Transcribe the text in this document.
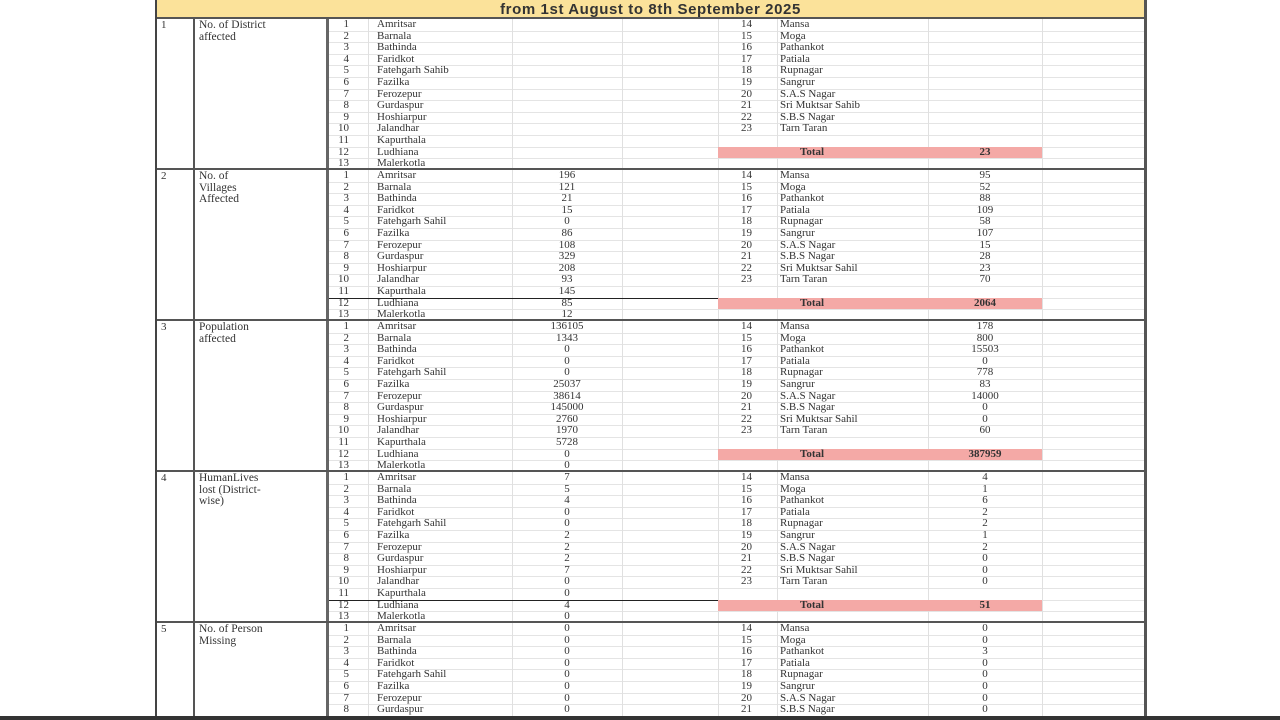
from 1st August to 8th September 2025
1	No. of District
affected
1	Amritsar
2	Barnala
3	Bathinda
4	Faridkot
5	Fatehgarh Sahib
6	Fazilka
7	Ferozepur
8	Gurdaspur
9	Hoshiarpur
10	Jalandhar
11	Kapurthala
12	Ludhiana
13	Malerkotla
14	Mansa
15	Moga
16	Pathankot
17	Patiala
18	Rupnagar
19	Sangrur
20	S.A.S Nagar
21	Sri Muktsar Sahib
22	S.B.S Nagar
23	Tarn Taran
Total	23
2	No. of
Villages
Affected
1	Amritsar	196
2	Barnala	121
3	Bathinda	21
4	Faridkot	15
5	Fatehgarh Sahil	0
6	Fazilka	86
7	Ferozepur	108
8	Gurdaspur	329
9	Hoshiarpur	208
10	Jalandhar	93
11	Kapurthala	145
12	Ludhiana	85
13	Malerkotla	12
14	Mansa	95
15	Moga	52
16	Pathankot	88
17	Patiala	109
18	Rupnagar	58
19	Sangrur	107
20	S.A.S Nagar	15
21	S.B.S Nagar	28
22	Sri Muktsar Sahil	23
23	Tarn Taran	70
Total	2064
3	Population
affected
1	Amritsar	136105
2	Barnala	1343
3	Bathinda	0
4	Faridkot	0
5	Fatehgarh Sahil	0
6	Fazilka	25037
7	Ferozepur	38614
8	Gurdaspur	145000
9	Hoshiarpur	2760
10	Jalandhar	1970
11	Kapurthala	5728
12	Ludhiana	0
13	Malerkotla	0
14	Mansa	178
15	Moga	800
16	Pathankot	15503
17	Patiala	0
18	Rupnagar	778
19	Sangrur	83
20	S.A.S Nagar	14000
21	S.B.S Nagar	0
22	Sri Muktsar Sahil	0
23	Tarn Taran	60
Total	387959
4	HumanLives
lost (District-
wise)
1	Amritsar	7
2	Barnala	5
3	Bathinda	4
4	Faridkot	0
5	Fatehgarh Sahil	0
6	Fazilka	2
7	Ferozepur	2
8	Gurdaspur	2
9	Hoshiarpur	7
10	Jalandhar	0
11	Kapurthala	0
12	Ludhiana	4
13	Malerkotla	0
14	Mansa	4
15	Moga	1
16	Pathankot	6
17	Patiala	2
18	Rupnagar	2
19	Sangrur	1
20	S.A.S Nagar	2
21	S.B.S Nagar	0
22	Sri Muktsar Sahil	0
23	Tarn Taran	0
Total	51
5	No. of Person
Missing
1	Amritsar	0
2	Barnala	0
3	Bathinda	0
4	Faridkot	0
5	Fatehgarh Sahil	0
6	Fazilka	0
7	Ferozepur	0
8	Gurdaspur	0
14	Mansa	0
15	Moga	0
16	Pathankot	3
17	Patiala	0
18	Rupnagar	0
19	Sangrur	0
20	S.A.S Nagar	0
21	S.B.S Nagar	0
